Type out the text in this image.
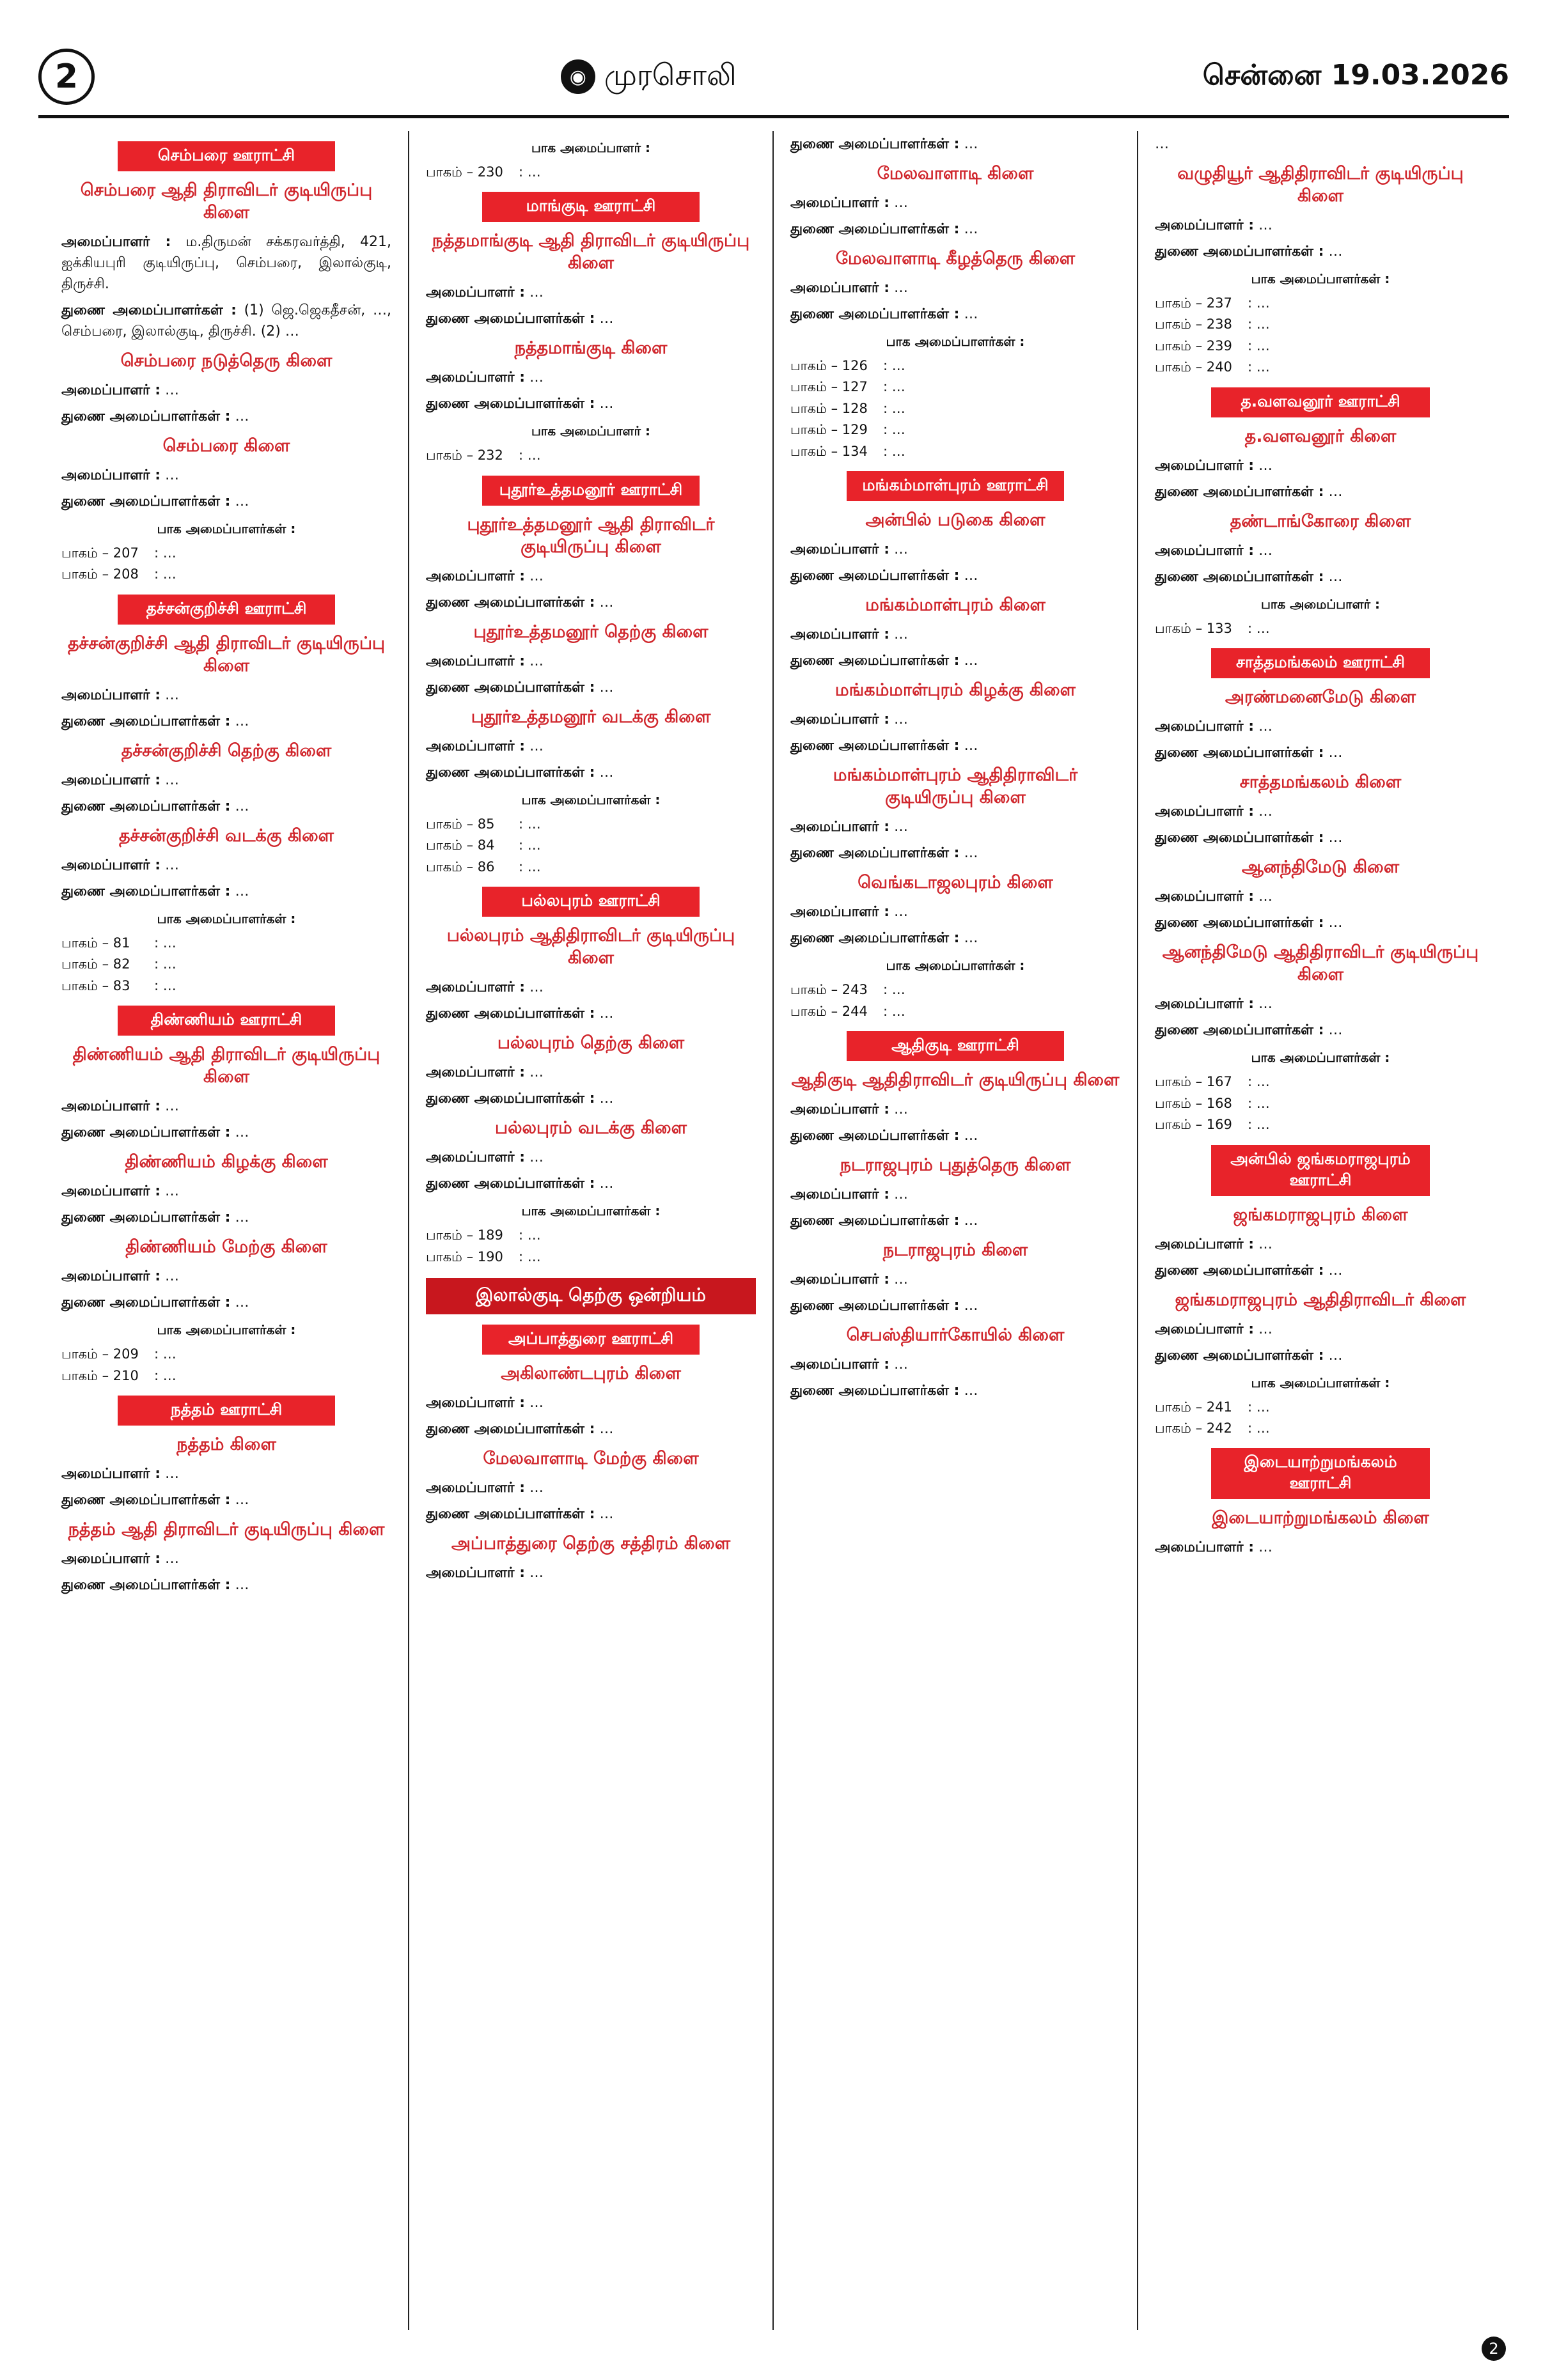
2	◉ முரசொலி	சென்னை 19.03.2026
செம்பரை ஊராட்சி
செம்பரை ஆதி திராவிடர் குடியிருப்பு கிளை
அமைப்பாளர் : ம.திருமன் சக்கரவர்த்தி, 421, ஐக்கியபுரி குடியிருப்பு, செம்பரை, இலால்குடி, திருச்சி.
துணை அமைப்பாளர்கள் : (1) ஜெ.ஜெகதீசன், …, செம்பரை, இலால்குடி, திருச்சி. (2) …
செம்பரை நடுத்தெரு கிளை
அமைப்பாளர் : …
துணை அமைப்பாளர்கள் : …
செம்பரை கிளை
அமைப்பாளர் : …
துணை அமைப்பாளர்கள் : …
பாக அமைப்பாளர்கள் :
பாகம் – 207	: …
பாகம் – 208	: …
தச்சன்குறிச்சி ஊராட்சி
தச்சன்குறிச்சி ஆதி திராவிடர் குடியிருப்பு கிளை
அமைப்பாளர் : …
துணை அமைப்பாளர்கள் : …
தச்சன்குறிச்சி தெற்கு கிளை
அமைப்பாளர் : …
துணை அமைப்பாளர்கள் : …
தச்சன்குறிச்சி வடக்கு கிளை
அமைப்பாளர் : …
துணை அமைப்பாளர்கள் : …
பாக அமைப்பாளர்கள் :
பாகம் – 81	: …
பாகம் – 82	: …
பாகம் – 83	: …
திண்ணியம் ஊராட்சி
திண்ணியம் ஆதி திராவிடர் குடியிருப்பு கிளை
அமைப்பாளர் : …
துணை அமைப்பாளர்கள் : …
திண்ணியம் கிழக்கு கிளை
அமைப்பாளர் : …
துணை அமைப்பாளர்கள் : …
திண்ணியம் மேற்கு கிளை
அமைப்பாளர் : …
துணை அமைப்பாளர்கள் : …
பாக அமைப்பாளர்கள் :
பாகம் – 209	: …
பாகம் – 210	: …
நத்தம் ஊராட்சி
நத்தம் கிளை
அமைப்பாளர் : …
துணை அமைப்பாளர்கள் : …
நத்தம் ஆதி திராவிடர் குடியிருப்பு கிளை
அமைப்பாளர் : …
துணை அமைப்பாளர்கள் : …
பாக அமைப்பாளர் :
பாகம் – 230	: …
மாங்குடி ஊராட்சி
நத்தமாங்குடி ஆதி திராவிடர் குடியிருப்பு கிளை
அமைப்பாளர் : …
துணை அமைப்பாளர்கள் : …
நத்தமாங்குடி கிளை
அமைப்பாளர் : …
துணை அமைப்பாளர்கள் : …
பாக அமைப்பாளர் :
பாகம் – 232	: …
புதூர்உத்தமனூர் ஊராட்சி
புதூர்உத்தமனூர் ஆதி திராவிடர் குடியிருப்பு கிளை
அமைப்பாளர் : …
துணை அமைப்பாளர்கள் : …
புதூர்உத்தமனூர் தெற்கு கிளை
அமைப்பாளர் : …
துணை அமைப்பாளர்கள் : …
புதூர்உத்தமனூர் வடக்கு கிளை
அமைப்பாளர் : …
துணை அமைப்பாளர்கள் : …
பாக அமைப்பாளர்கள் :
பாகம் – 85	: …
பாகம் – 84	: …
பாகம் – 86	: …
பல்லபுரம் ஊராட்சி
பல்லபுரம் ஆதிதிராவிடர் குடியிருப்பு கிளை
அமைப்பாளர் : …
துணை அமைப்பாளர்கள் : …
பல்லபுரம் தெற்கு கிளை
அமைப்பாளர் : …
துணை அமைப்பாளர்கள் : …
பல்லபுரம் வடக்கு கிளை
அமைப்பாளர் : …
துணை அமைப்பாளர்கள் : …
பாக அமைப்பாளர்கள் :
பாகம் – 189	: …
பாகம் – 190	: …
இலால்குடி தெற்கு ஒன்றியம்
அப்பாத்துரை ஊராட்சி
அகிலாண்டபுரம் கிளை
அமைப்பாளர் : …
துணை அமைப்பாளர்கள் : …
மேலவாளாடி மேற்கு கிளை
அமைப்பாளர் : …
துணை அமைப்பாளர்கள் : …
அப்பாத்துரை தெற்கு சத்திரம் கிளை
அமைப்பாளர் : …
துணை அமைப்பாளர்கள் : …
மேலவாளாடி கிளை
அமைப்பாளர் : …
துணை அமைப்பாளர்கள் : …
மேலவாளாடி கீழத்தெரு கிளை
அமைப்பாளர் : …
துணை அமைப்பாளர்கள் : …
பாக அமைப்பாளர்கள் :
பாகம் – 126	: …
பாகம் – 127	: …
பாகம் – 128	: …
பாகம் – 129	: …
பாகம் – 134	: …
மங்கம்மாள்புரம் ஊராட்சி
அன்பில் படுகை கிளை
அமைப்பாளர் : …
துணை அமைப்பாளர்கள் : …
மங்கம்மாள்புரம் கிளை
அமைப்பாளர் : …
துணை அமைப்பாளர்கள் : …
மங்கம்மாள்புரம் கிழக்கு கிளை
அமைப்பாளர் : …
துணை அமைப்பாளர்கள் : …
மங்கம்மாள்புரம் ஆதிதிராவிடர் குடியிருப்பு கிளை
அமைப்பாளர் : …
துணை அமைப்பாளர்கள் : …
வெங்கடாஜலபுரம் கிளை
அமைப்பாளர் : …
துணை அமைப்பாளர்கள் : …
பாக அமைப்பாளர்கள் :
பாகம் – 243	: …
பாகம் – 244	: …
ஆதிகுடி ஊராட்சி
ஆதிகுடி ஆதிதிராவிடர் குடியிருப்பு கிளை
அமைப்பாளர் : …
துணை அமைப்பாளர்கள் : …
நடராஜபுரம் புதுத்தெரு கிளை
அமைப்பாளர் : …
துணை அமைப்பாளர்கள் : …
நடராஜபுரம் கிளை
அமைப்பாளர் : …
துணை அமைப்பாளர்கள் : …
செபஸ்தியார்கோயில் கிளை
அமைப்பாளர் : …
துணை அமைப்பாளர்கள் : …
…
வழுதியூர் ஆதிதிராவிடர் குடியிருப்பு கிளை
அமைப்பாளர் : …
துணை அமைப்பாளர்கள் : …
பாக அமைப்பாளர்கள் :
பாகம் – 237	: …
பாகம் – 238	: …
பாகம் – 239	: …
பாகம் – 240	: …
த.வளவனூர் ஊராட்சி
த.வளவனூர் கிளை
அமைப்பாளர் : …
துணை அமைப்பாளர்கள் : …
தண்டாங்கோரை கிளை
அமைப்பாளர் : …
துணை அமைப்பாளர்கள் : …
பாக அமைப்பாளர் :
பாகம் – 133	: …
சாத்தமங்கலம் ஊராட்சி
அரண்மனைமேடு கிளை
அமைப்பாளர் : …
துணை அமைப்பாளர்கள் : …
சாத்தமங்கலம் கிளை
அமைப்பாளர் : …
துணை அமைப்பாளர்கள் : …
ஆனந்திமேடு கிளை
அமைப்பாளர் : …
துணை அமைப்பாளர்கள் : …
ஆனந்திமேடு ஆதிதிராவிடர் குடியிருப்பு கிளை
அமைப்பாளர் : …
துணை அமைப்பாளர்கள் : …
பாக அமைப்பாளர்கள் :
பாகம் – 167	: …
பாகம் – 168	: …
பாகம் – 169	: …
அன்பில் ஜங்கமராஜபுரம் ஊராட்சி
ஜங்கமராஜபுரம் கிளை
அமைப்பாளர் : …
துணை அமைப்பாளர்கள் : …
ஜங்கமராஜபுரம் ஆதிதிராவிடர் கிளை
அமைப்பாளர் : …
துணை அமைப்பாளர்கள் : …
பாக அமைப்பாளர்கள் :
பாகம் – 241	: …
பாகம் – 242	: …
இடையாற்றுமங்கலம் ஊராட்சி
இடையாற்றுமங்கலம் கிளை
அமைப்பாளர் : …
2
